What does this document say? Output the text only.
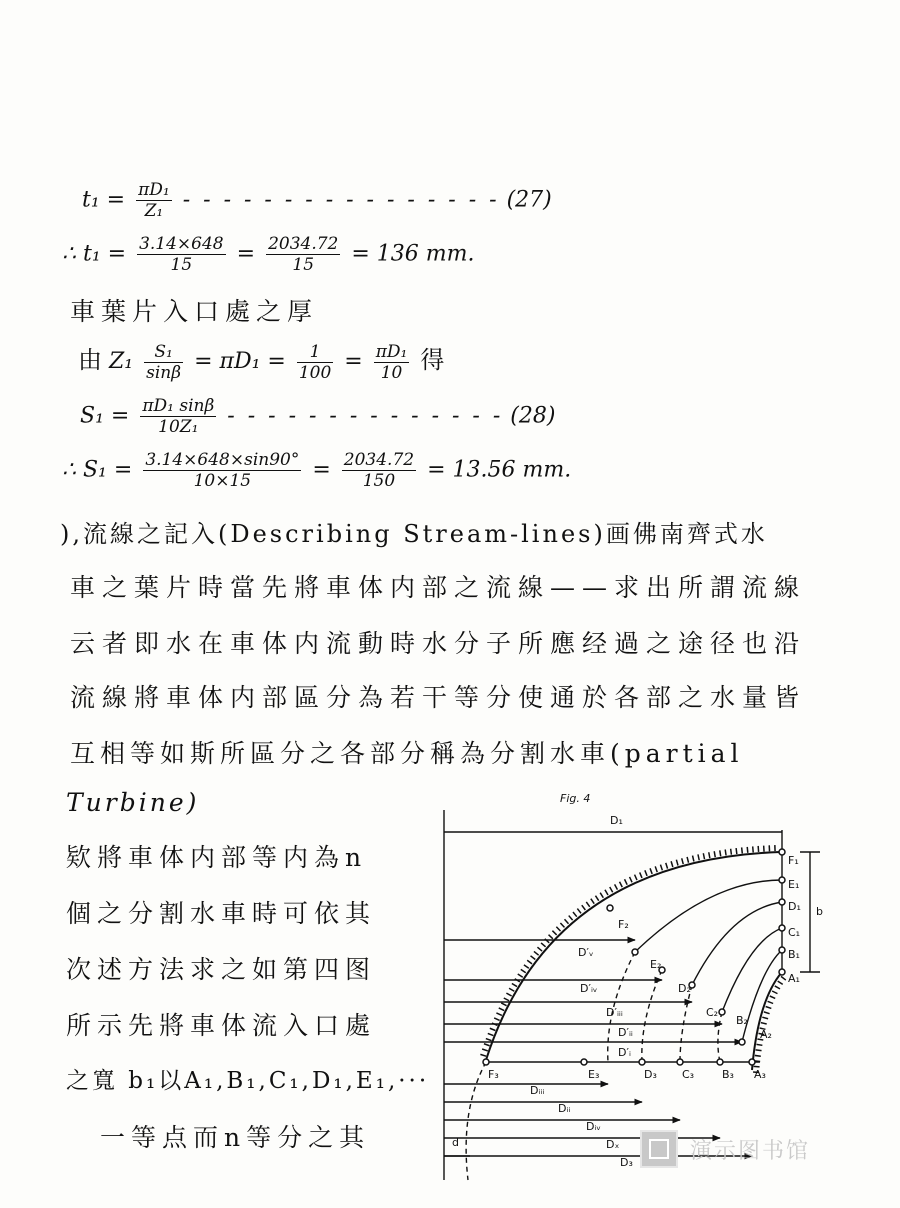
$t_1 = \frac{\text{πD₁}}{\text{Z₁}}$ - - - - - - - - - - - - - - - - (27)
∴ $t_1 = \frac{3.14\times 648}{15} = \frac{2034.72}{15} = 136$ mm.
車葉片入口處之厚
由 $Z_1 \frac{\text{S₁}}{\sin\beta} = \pi D_1 = \frac{1}{100} = \frac{\text{πD₁}}{10}$ 得
$S_1 = \frac{\text{πD₁ sinβ}}{\text{10Z₁}}$ - - - - - - - - - - - - - - (28)
∴ $S_1 = \frac{3.14\times 648\times\sin 90^\circ}{10\times 15} = \frac{2034.72}{150} = 13.56$ mm.
),流線之記入(Describing Stream-lines)画佛南齊式水
車之葉片時當先將車体内部之流線——求出所謂流線
云者即水在車体内流動時水分子所應经過之途径也沿
流線將車体内部區分為若干等分使通於各部之水量皆
互相等如斯所區分之各部分稱為分割水車(partial
Turbine)
欵將車体内部等内為n
個之分割水車時可依其
次述方法求之如第四图
所示先將車体流入口處
之寬 b₁以A₁,B₁,C₁,D₁,E₁,···
一等点而n等分之其
Fig. 4
D₁
b
d
F₁
E₁
D₁
C₁
B₁
A₁
F₂
E₂
D₂
C₂
B₂
A₂
F₃	E₃	D₃ C₃	B₃ A₃
D′ᵥ
D′ᵢᵥ
D′ᵢᵢᵢ
D′ᵢᵢ
D′ᵢ
Dᵢᵢᵢ
Dᵢᵢ
Dᵢᵥ
Dₓ
D₃	演示图书馆
